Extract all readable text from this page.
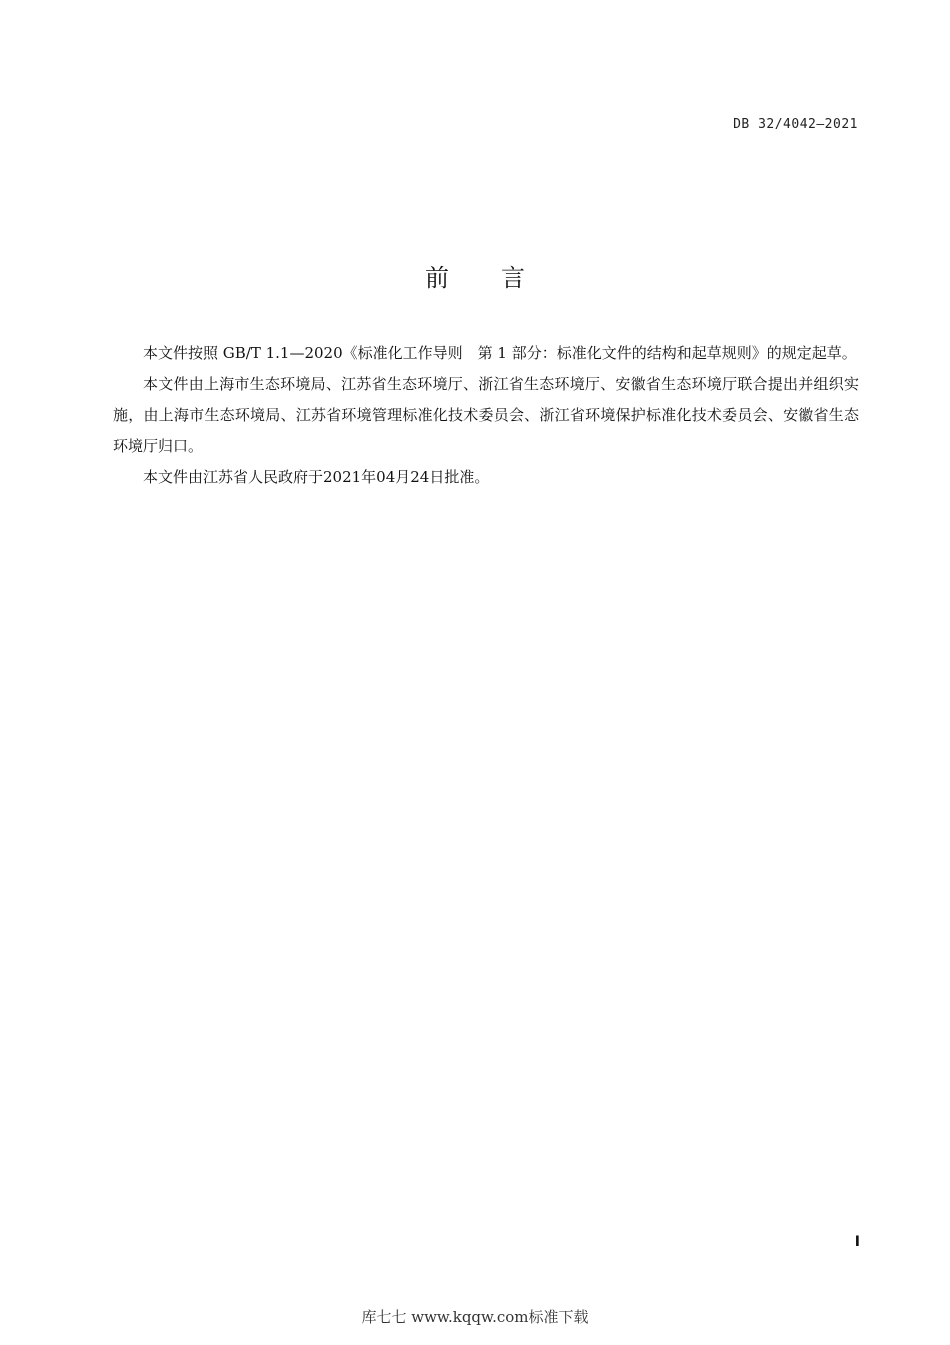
DB 32/4042—2021
前 言

本文件按照 GB/T 1.1—2020《标准化工作导则　第 1 部分：标准化文件的结构和起草规则》的规定起草。

本文件由上海市生态环境局、江苏省生态环境厅、浙江省生态环境厅、安徽省生态环境厅联合提出并组织实施，由上海市生态环境局、江苏省环境管理标准化技术委员会、浙江省环境保护标准化技术委员会、安徽省生态环境厅归口。

本文件由江苏省人民政府于2021年04月24日批准。

I
库七七 www.kqqw.com标准下载
